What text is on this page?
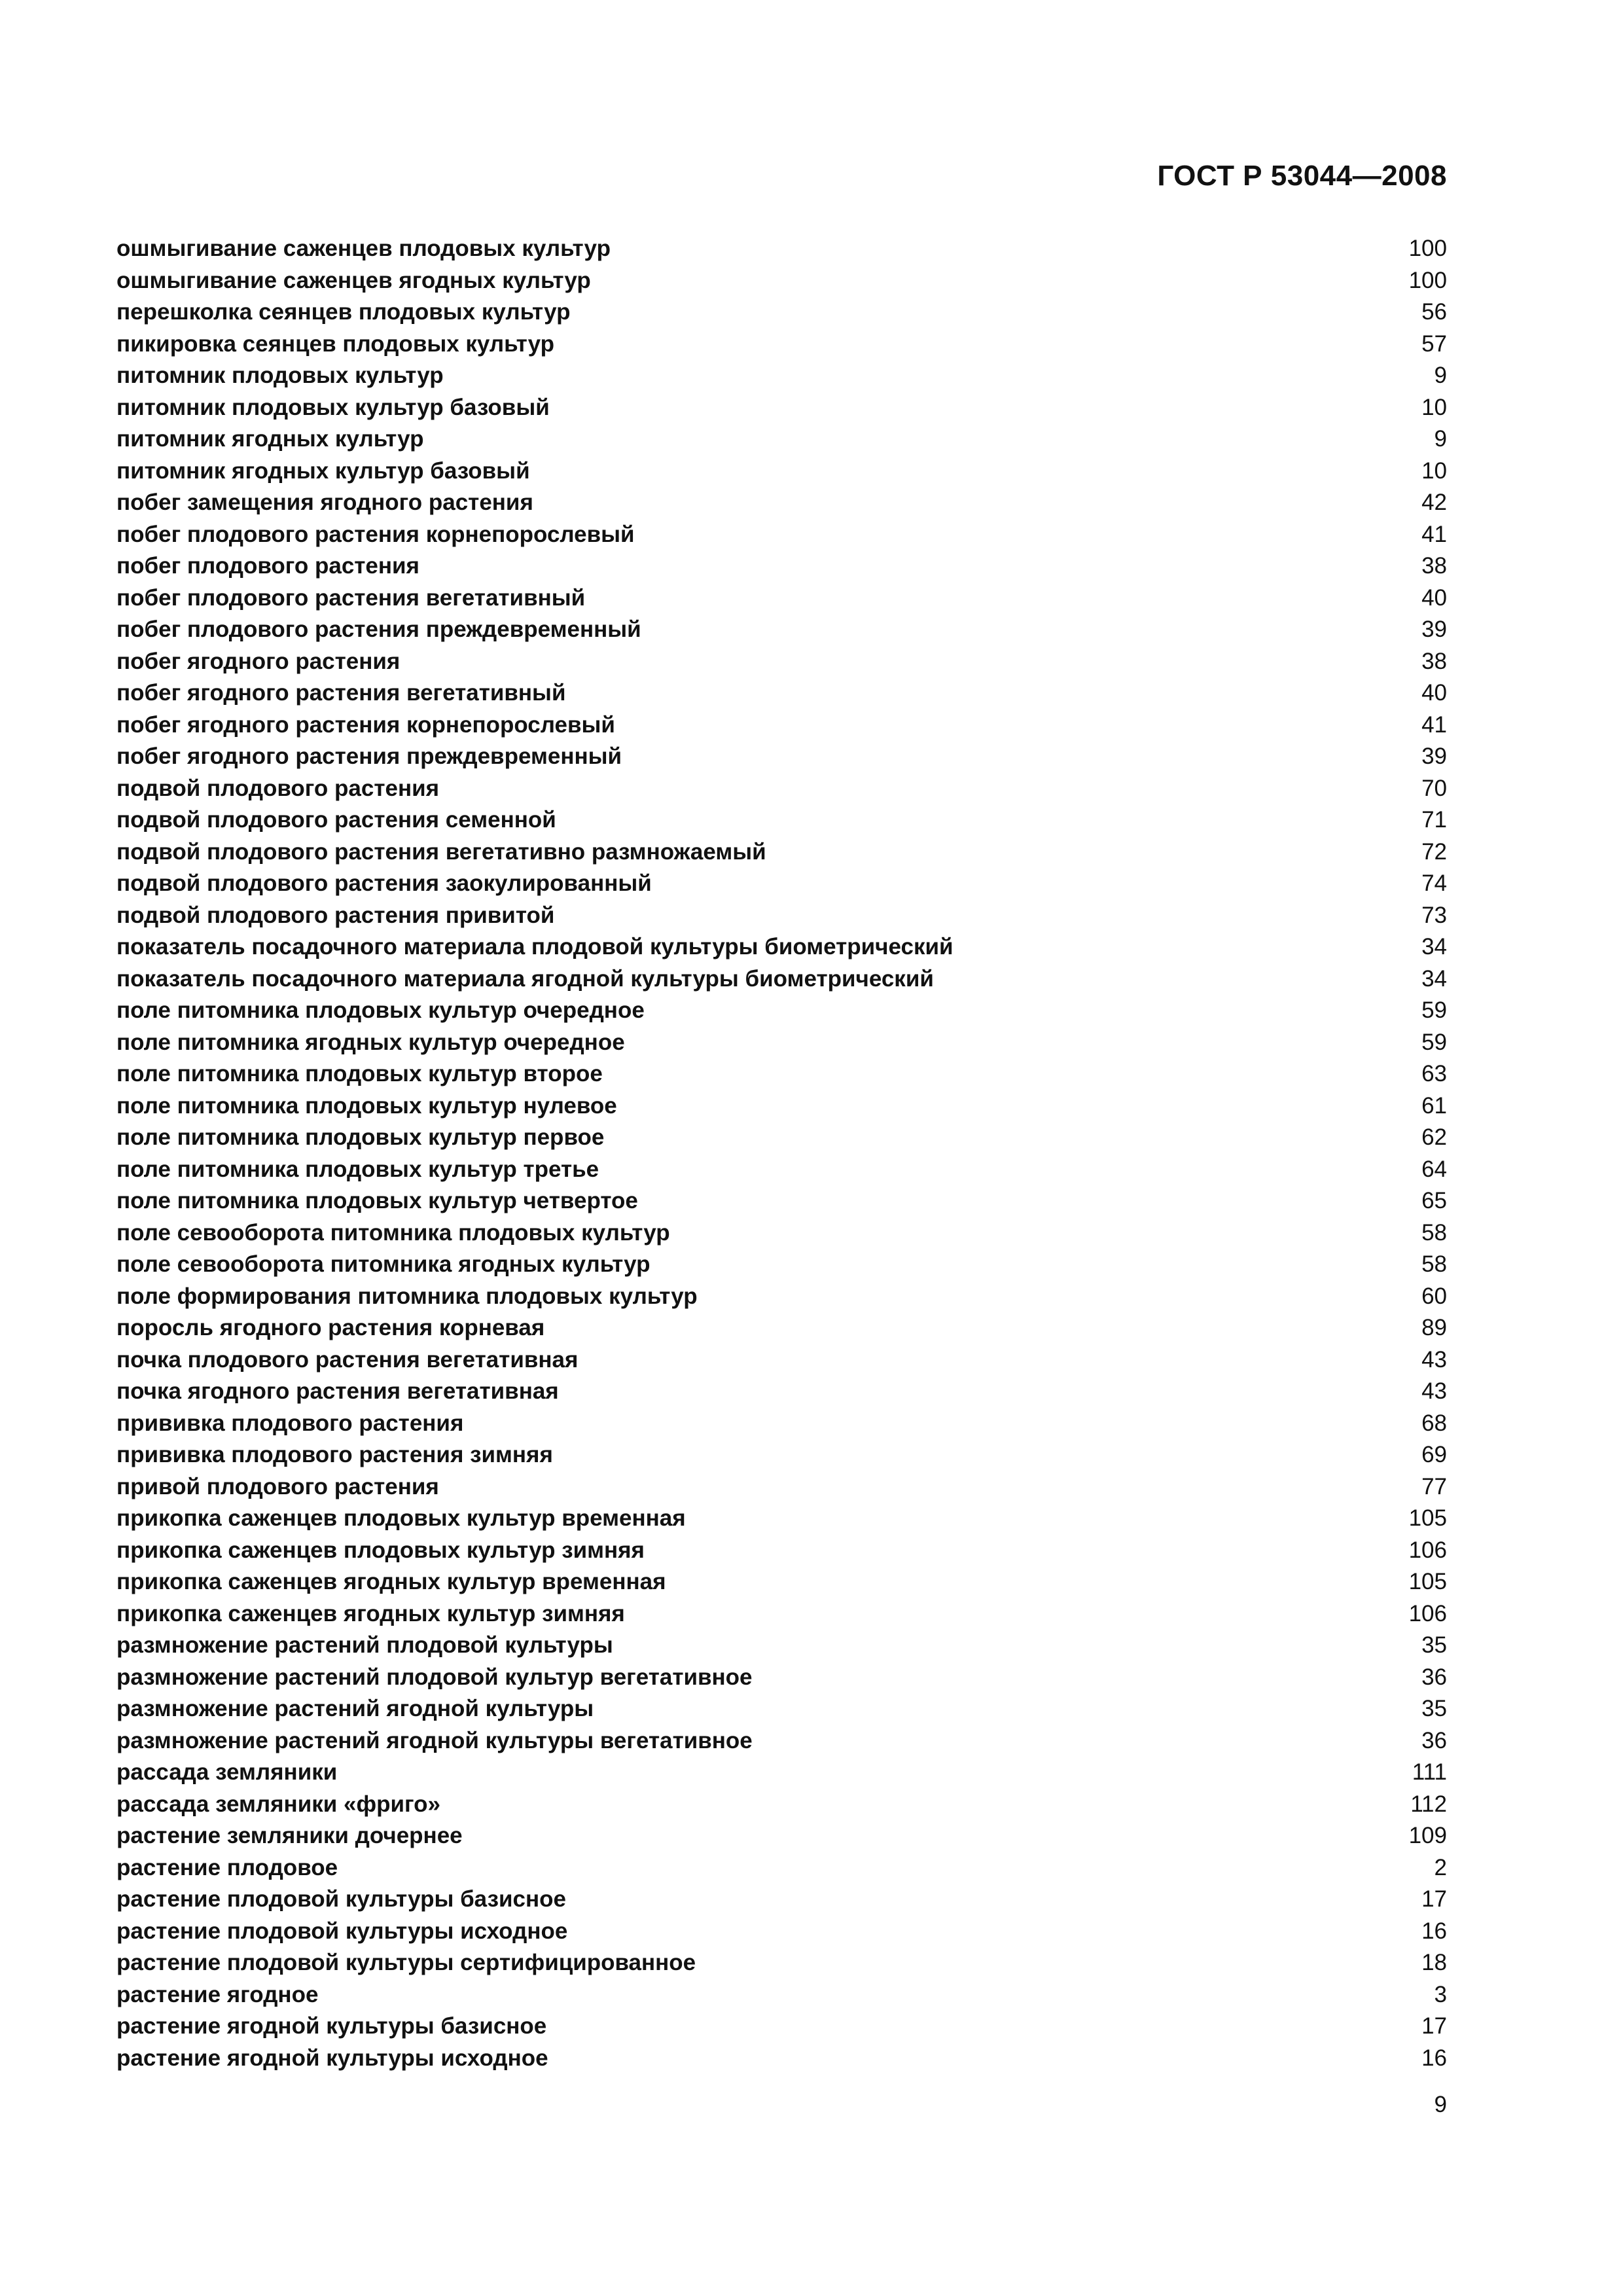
ГОСТ Р 53044—2008
ошмыгивание саженцев плодовых культур	100
ошмыгивание саженцев ягодных культур	100
перешколка сеянцев плодовых культур	56
пикировка сеянцев плодовых культур	57
питомник плодовых культур	9
питомник плодовых культур базовый	10
питомник ягодных культур	9
питомник ягодных культур базовый	10
побег замещения ягодного растения	42
побег плодового растения корнепорослевый	41
побег плодового растения	38
побег плодового растения вегетативный	40
побег плодового растения преждевременный	39
побег ягодного растения	38
побег ягодного растения вегетативный	40
побег ягодного растения корнепорослевый	41
побег ягодного растения преждевременный	39
подвой плодового растения	70
подвой плодового растения семенной	71
подвой плодового растения вегетативно размножаемый	72
подвой плодового растения заокулированный	74
подвой плодового растения привитой	73
показатель посадочного материала плодовой культуры биометрический	34
показатель посадочного материала ягодной культуры биометрический	34
поле питомника плодовых культур очередное	59
поле питомника ягодных культур очередное	59
поле питомника плодовых культур второе	63
поле питомника плодовых культур нулевое	61
поле питомника плодовых культур первое	62
поле питомника плодовых культур третье	64
поле питомника плодовых культур четвертое	65
поле севооборота питомника плодовых культур	58
поле севооборота питомника ягодных культур	58
поле формирования питомника плодовых культур	60
поросль ягодного растения корневая	89
почка плодового растения вегетативная	43
почка ягодного растения вегетативная	43
прививка плодового растения	68
прививка плодового растения зимняя	69
привой плодового растения	77
прикопка саженцев плодовых культур временная	105
прикопка саженцев плодовых культур зимняя	106
прикопка саженцев ягодных культур временная	105
прикопка саженцев ягодных культур зимняя	106
размножение растений плодовой культуры	35
размножение растений плодовой культур вегетативное	36
размножение растений ягодной культуры	35
размножение растений ягодной культуры вегетативное	36
рассада земляники	111
рассада земляники «фриго»	112
растение земляники дочернее	109
растение плодовое	2
растение плодовой культуры базисное	17
растение плодовой культуры исходное	16
растение плодовой культуры сертифицированное	18
растение ягодное	3
растение ягодной культуры базисное	17
растение ягодной культуры исходное	16
9
